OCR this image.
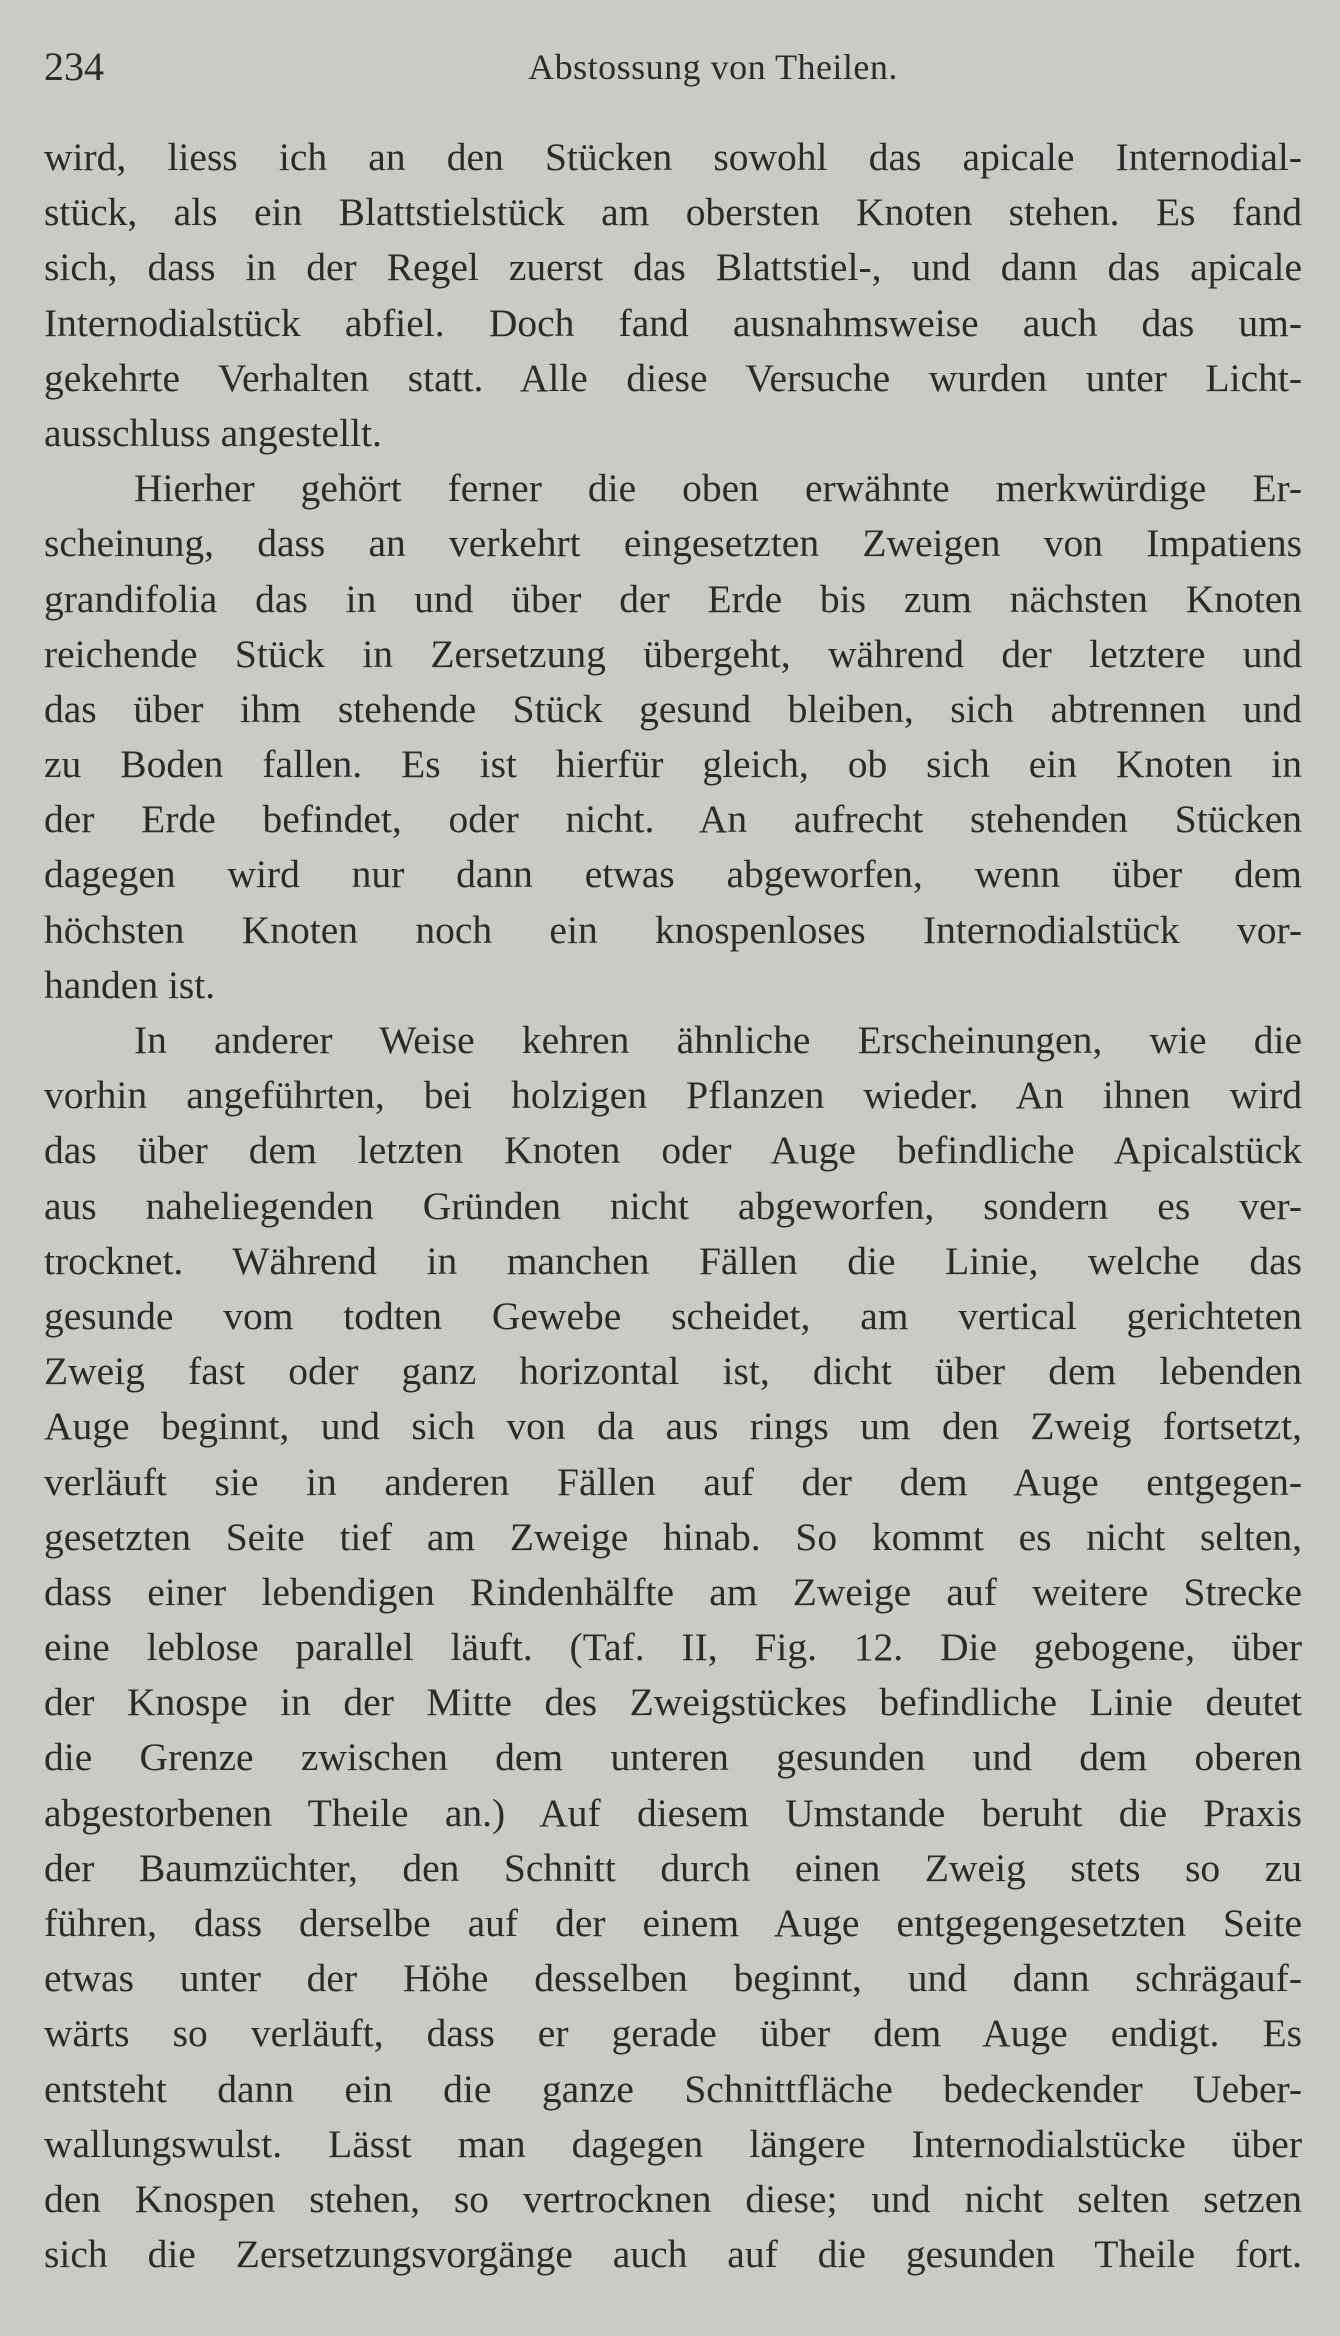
234	Abstossung von Theilen.
wird, liess ich an den Stücken sowohl das apicale Internodial-
stück, als ein Blattstielstück am obersten Knoten stehen. Es fand
sich, dass in der Regel zuerst das Blattstiel-, und dann das apicale
Internodialstück abfiel. Doch fand ausnahmsweise auch das um-
gekehrte Verhalten statt. Alle diese Versuche wurden unter Licht-
ausschluss angestellt.
Hierher gehört ferner die oben erwähnte merkwürdige Er-
scheinung, dass an verkehrt eingesetzten Zweigen von Impatiens
grandifolia das in und über der Erde bis zum nächsten Knoten
reichende Stück in Zersetzung übergeht, während der letztere und
das über ihm stehende Stück gesund bleiben, sich abtrennen und
zu Boden fallen. Es ist hierfür gleich, ob sich ein Knoten in
der Erde befindet, oder nicht. An aufrecht stehenden Stücken
dagegen wird nur dann etwas abgeworfen, wenn über dem
höchsten Knoten noch ein knospenloses Internodialstück vor-
handen ist.
In anderer Weise kehren ähnliche Erscheinungen, wie die
vorhin angeführten, bei holzigen Pflanzen wieder. An ihnen wird
das über dem letzten Knoten oder Auge befindliche Apicalstück
aus naheliegenden Gründen nicht abgeworfen, sondern es ver-
trocknet. Während in manchen Fällen die Linie, welche das
gesunde vom todten Gewebe scheidet, am vertical gerichteten
Zweig fast oder ganz horizontal ist, dicht über dem lebenden
Auge beginnt, und sich von da aus rings um den Zweig fortsetzt,
verläuft sie in anderen Fällen auf der dem Auge entgegen-
gesetzten Seite tief am Zweige hinab. So kommt es nicht selten,
dass einer lebendigen Rindenhälfte am Zweige auf weitere Strecke
eine leblose parallel läuft. (Taf. II, Fig. 12. Die gebogene, über
der Knospe in der Mitte des Zweigstückes befindliche Linie deutet
die Grenze zwischen dem unteren gesunden und dem oberen
abgestorbenen Theile an.) Auf diesem Umstande beruht die Praxis
der Baumzüchter, den Schnitt durch einen Zweig stets so zu
führen, dass derselbe auf der einem Auge entgegengesetzten Seite
etwas unter der Höhe desselben beginnt, und dann schrägauf-
wärts so verläuft, dass er gerade über dem Auge endigt. Es
entsteht dann ein die ganze Schnittfläche bedeckender Ueber-
wallungswulst. Lässt man dagegen längere Internodialstücke über
den Knospen stehen, so vertrocknen diese; und nicht selten setzen
sich die Zersetzungsvorgänge auch auf die gesunden Theile fort.
